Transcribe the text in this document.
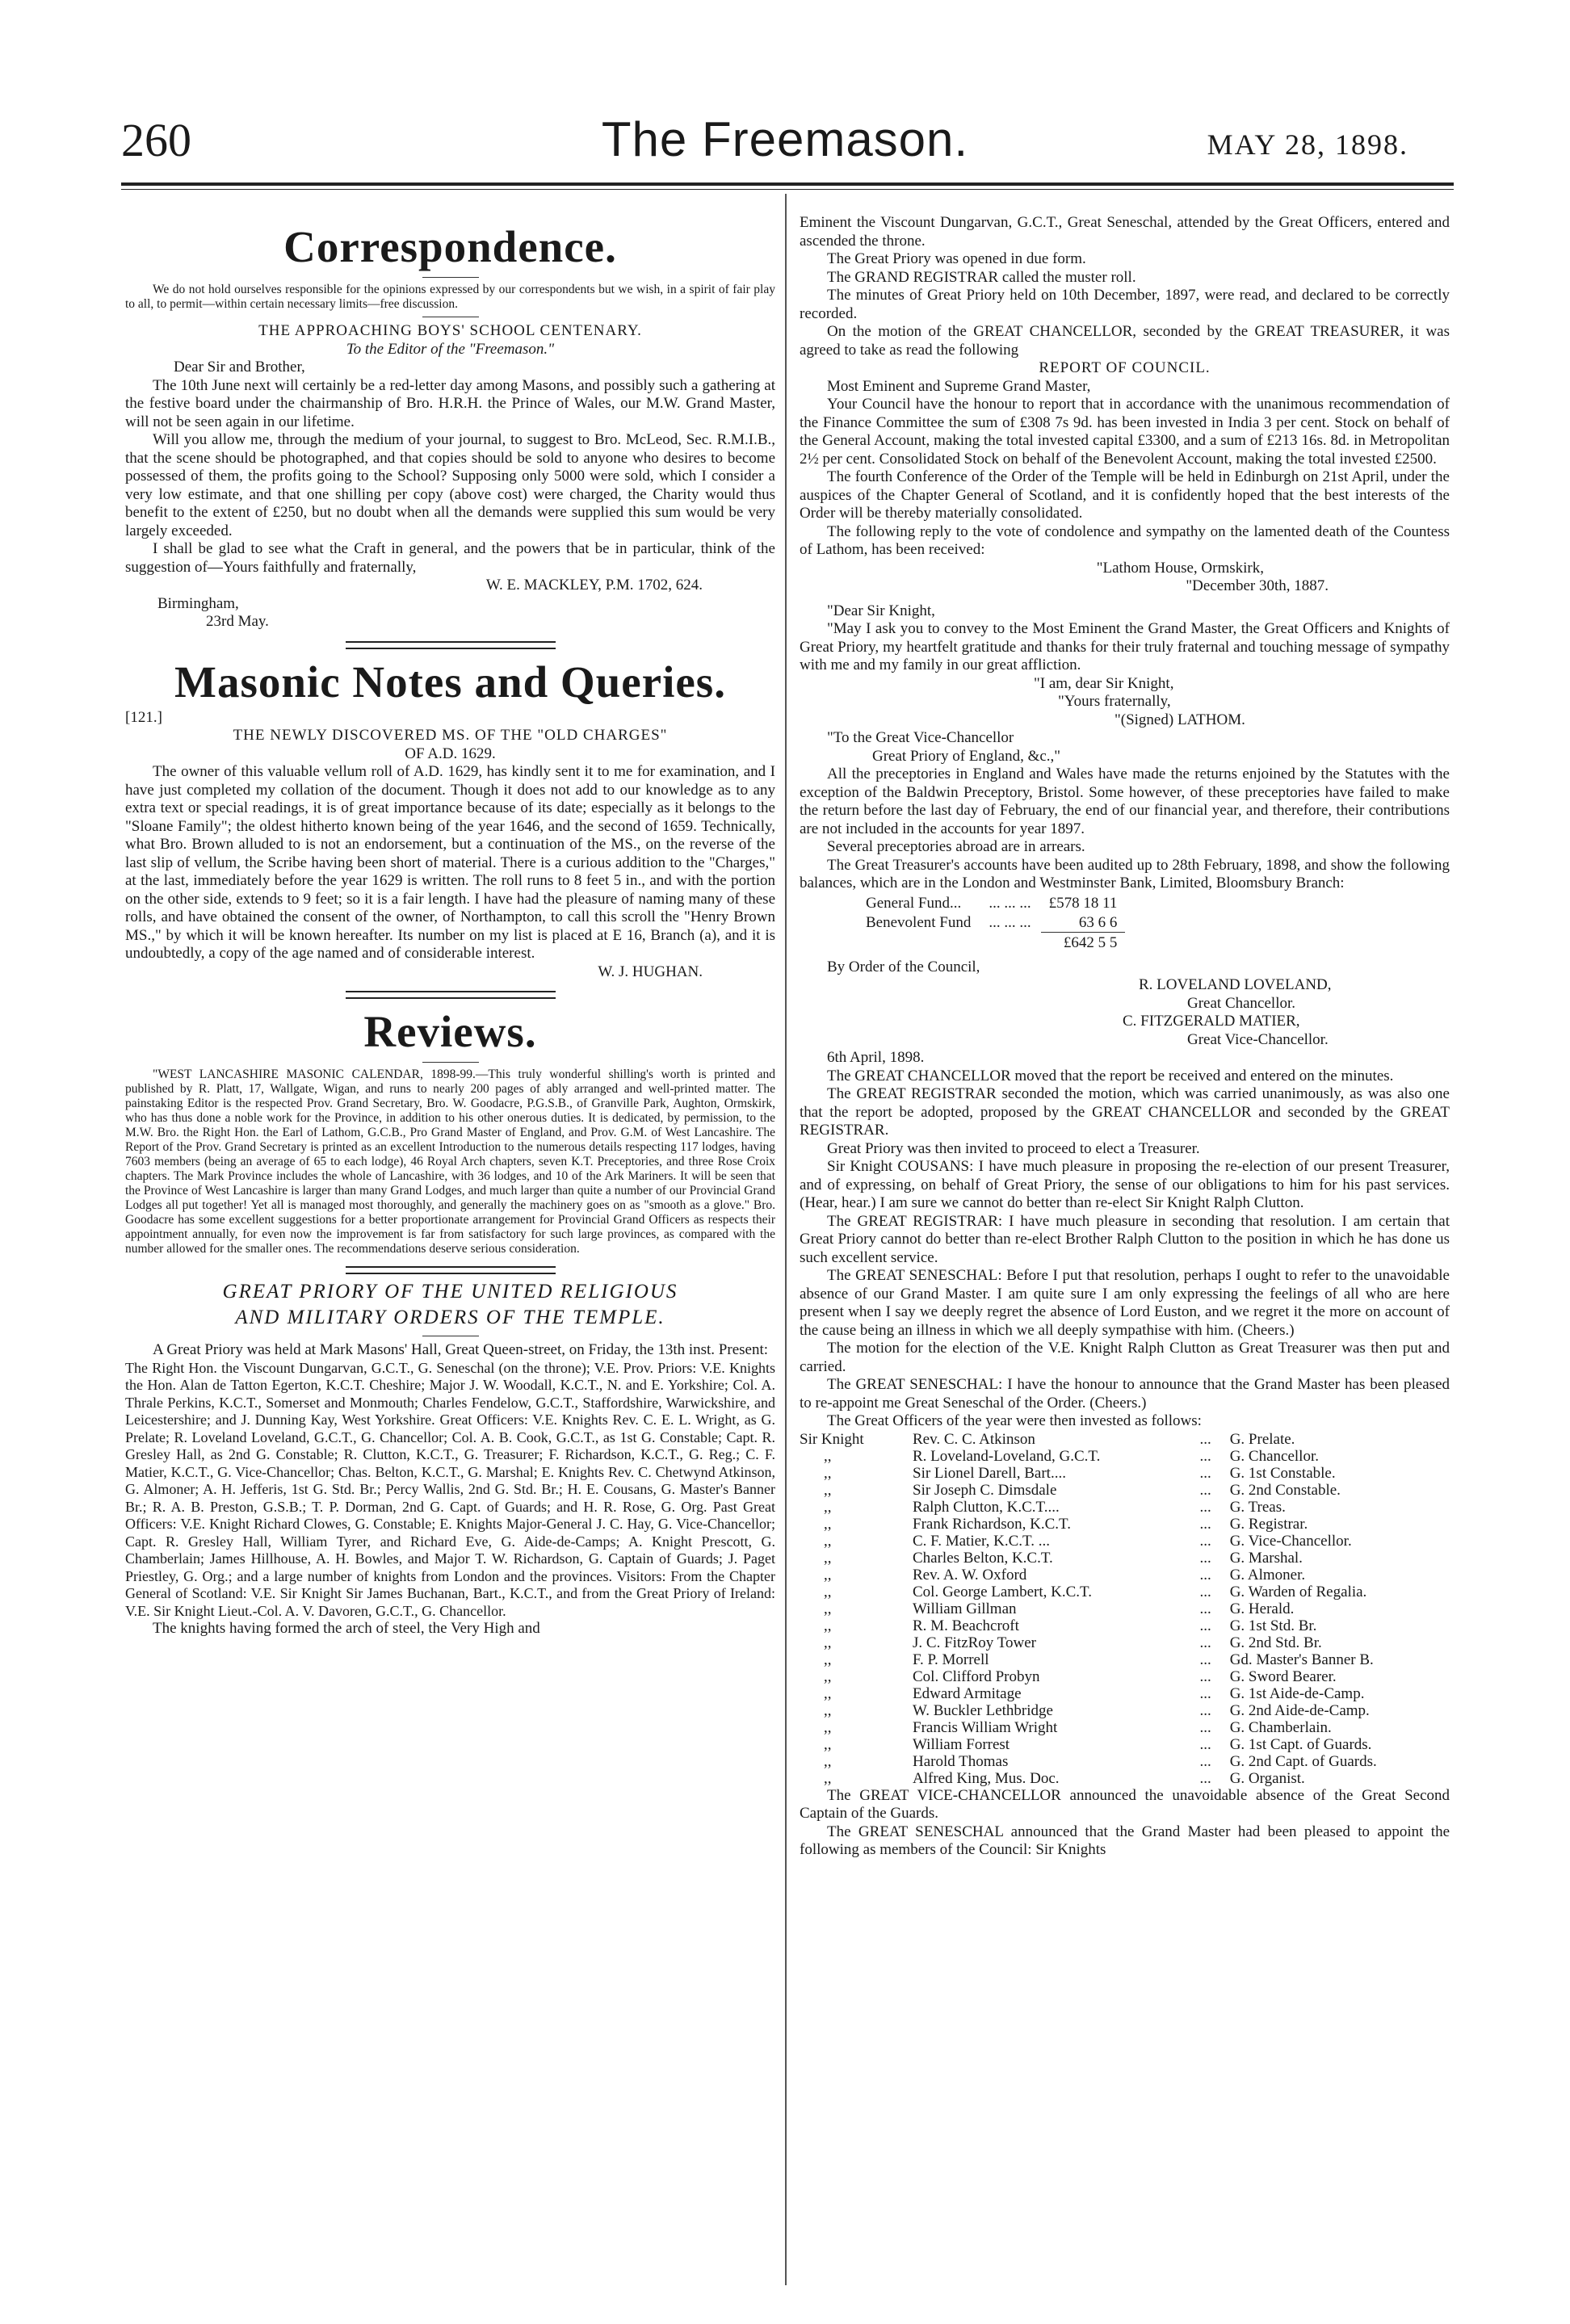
260	The Freemason.	MAY 28, 1898.
Correspondence.

We do not hold ourselves responsible for the opinions expressed by our correspondents but we wish, in a spirit of fair play to all, to permit—within certain necessary limits—free discussion.

THE APPROACHING BOYS' SCHOOL CENTENARY.

To the Editor of the "Freemason."

Dear Sir and Brother,

The 10th June next will certainly be a red-letter day among Masons, and possibly such a gathering at the festive board under the chairmanship of Bro. H.R.H. the Prince of Wales, our M.W. Grand Master, will not be seen again in our lifetime.

Will you allow me, through the medium of your journal, to suggest to Bro. McLeod, Sec. R.M.I.B., that the scene should be photographed, and that copies should be sold to anyone who desires to become possessed of them, the profits going to the School? Supposing only 5000 were sold, which I consider a very low estimate, and that one shilling per copy (above cost) were charged, the Charity would thus benefit to the extent of £250, but no doubt when all the demands were supplied this sum would be very largely exceeded.

I shall be glad to see what the Craft in general, and the powers that be in particular, think of the suggestion of—Yours faithfully and fraternally,

W. E. MACKLEY, P.M. 1702, 624.

Birmingham,

23rd May.

Masonic Notes and Queries.

[121.]

THE NEWLY DISCOVERED MS. OF THE "OLD CHARGES"

OF A.D. 1629.

The owner of this valuable vellum roll of A.D. 1629, has kindly sent it to me for examination, and I have just completed my collation of the document. Though it does not add to our knowledge as to any extra text or special readings, it is of great importance because of its date; especially as it belongs to the "Sloane Family"; the oldest hitherto known being of the year 1646, and the second of 1659. Technically, what Bro. Brown alluded to is not an endorsement, but a continuation of the MS., on the reverse of the last slip of vellum, the Scribe having been short of material. There is a curious addition to the "Charges," at the last, immediately before the year 1629 is written. The roll runs to 8 feet 5 in., and with the portion on the other side, extends to 9 feet; so it is a fair length. I have had the pleasure of naming many of these rolls, and have obtained the consent of the owner, of Northampton, to call this scroll the "Henry Brown MS.," by which it will be known hereafter. Its number on my list is placed at E 16, Branch (a), and it is undoubtedly, a copy of the age named and of considerable interest.

W. J. HUGHAN.

Reviews.

"WEST LANCASHIRE MASONIC CALENDAR, 1898-99.—This truly wonderful shilling's worth is printed and published by R. Platt, 17, Wallgate, Wigan, and runs to nearly 200 pages of ably arranged and well-printed matter. The painstaking Editor is the respected Prov. Grand Secretary, Bro. W. Goodacre, P.G.S.B., of Granville Park, Aughton, Ormskirk, who has thus done a noble work for the Province, in addition to his other onerous duties. It is dedicated, by permission, to the M.W. Bro. the Right Hon. the Earl of Lathom, G.C.B., Pro Grand Master of England, and Prov. G.M. of West Lancashire. The Report of the Prov. Grand Secretary is printed as an excellent Introduction to the numerous details respecting 117 lodges, having 7603 members (being an average of 65 to each lodge), 46 Royal Arch chapters, seven K.T. Preceptories, and three Rose Croix chapters. The Mark Province includes the whole of Lancashire, with 36 lodges, and 10 of the Ark Mariners. It will be seen that the Province of West Lancashire is larger than many Grand Lodges, and much larger than quite a number of our Provincial Grand Lodges all put together! Yet all is managed most thoroughly, and generally the machinery goes on as "smooth as a glove." Bro. Goodacre has some excellent suggestions for a better proportionate arrangement for Provincial Grand Officers as respects their appointment annually, for even now the improvement is far from satisfactory for such large provinces, as compared with the number allowed for the smaller ones. The recommendations deserve serious consideration.

GREAT PRIORY OF THE UNITED RELIGIOUS
AND MILITARY ORDERS OF THE TEMPLE.

A Great Priory was held at Mark Masons' Hall, Great Queen-street, on Friday, the 13th inst. Present:

The Right Hon. the Viscount Dungarvan, G.C.T., G. Seneschal (on the throne); V.E. Prov. Priors: V.E. Knights the Hon. Alan de Tatton Egerton, K.C.T. Cheshire; Major J. W. Woodall, K.C.T., N. and E. Yorkshire; Col. A. Thrale Perkins, K.C.T., Somerset and Monmouth; Charles Fendelow, G.C.T., Staffordshire, Warwickshire, and Leicestershire; and J. Dunning Kay, West Yorkshire. Great Officers: V.E. Knights Rev. C. E. L. Wright, as G. Prelate; R. Loveland Loveland, G.C.T., G. Chancellor; Col. A. B. Cook, G.C.T., as 1st G. Constable; Capt. R. Gresley Hall, as 2nd G. Constable; R. Clutton, K.C.T., G. Treasurer; F. Richardson, K.C.T., G. Reg.; C. F. Matier, K.C.T., G. Vice-Chancellor; Chas. Belton, K.C.T., G. Marshal; E. Knights Rev. C. Chetwynd Atkinson, G. Almoner; A. H. Jefferis, 1st G. Std. Br.; Percy Wallis, 2nd G. Std. Br.; H. E. Cousans, G. Master's Banner Br.; R. A. B. Preston, G.S.B.; T. P. Dorman, 2nd G. Capt. of Guards; and H. R. Rose, G. Org. Past Great Officers: V.E. Knight Richard Clowes, G. Constable; E. Knights Major-General J. C. Hay, G. Vice-Chancellor; Capt. R. Gresley Hall, William Tyrer, and Richard Eve, G. Aide-de-Camps; A. Knight Prescott, G. Chamberlain; James Hillhouse, A. H. Bowles, and Major T. W. Richardson, G. Captain of Guards; J. Paget Priestley, G. Org.; and a large number of knights from London and the provinces. Visitors: From the Chapter General of Scotland: V.E. Sir Knight Sir James Buchanan, Bart., K.C.T., and from the Great Priory of Ireland: V.E. Sir Knight Lieut.-Col. A. V. Davoren, G.C.T., G. Chancellor.

The knights having formed the arch of steel, the Very High and

Eminent the Viscount Dungarvan, G.C.T., Great Seneschal, attended by the Great Officers, entered and ascended the throne.

The Great Priory was opened in due form.

The GRAND REGISTRAR called the muster roll.

The minutes of Great Priory held on 10th December, 1897, were read, and declared to be correctly recorded.

On the motion of the GREAT CHANCELLOR, seconded by the GREAT TREASURER, it was agreed to take as read the following

REPORT OF COUNCIL.

Most Eminent and Supreme Grand Master,

Your Council have the honour to report that in accordance with the unanimous recommendation of the Finance Committee the sum of £308 7s 9d. has been invested in India 3 per cent. Stock on behalf of the General Account, making the total invested capital £3300, and a sum of £213 16s. 8d. in Metropolitan 2½ per cent. Consolidated Stock on behalf of the Benevolent Account, making the total invested £2500.

The fourth Conference of the Order of the Temple will be held in Edinburgh on 21st April, under the auspices of the Chapter General of Scotland, and it is confidently hoped that the best interests of the Order will be thereby materially consolidated.

The following reply to the vote of condolence and sympathy on the lamented death of the Countess of Lathom, has been received:

"Lathom House, Ormskirk,

"December 30th, 1887.

"Dear Sir Knight,

"May I ask you to convey to the Most Eminent the Grand Master, the Great Officers and Knights of Great Priory, my heartfelt gratitude and thanks for their truly fraternal and touching message of sympathy with me and my family in our great affliction.

"I am, dear Sir Knight,

"Yours fraternally,

"(Signed) LATHOM.

"To the Great Vice-Chancellor

Great Priory of England, &c.,"

All the preceptories in England and Wales have made the returns enjoined by the Statutes with the exception of the Baldwin Preceptory, Bristol. Some however, of these preceptories have failed to make the return before the last day of February, the end of our financial year, and therefore, their contributions are not included in the accounts for year 1897.

Several preceptories abroad are in arrears.

The Great Treasurer's accounts have been audited up to 28th February, 1898, and show the following balances, which are in the London and Westminster Bank, Limited, Bloomsbury Branch:

General Fund...	... ... ...	£578 18 11
Benevolent Fund	... ... ...	63 6 6
		£642 5 5

By Order of the Council,

R. LOVELAND LOVELAND,

Great Chancellor.

C. FITZGERALD MATIER,

Great Vice-Chancellor.

6th April, 1898.

The GREAT CHANCELLOR moved that the report be received and entered on the minutes.

The GREAT REGISTRAR seconded the motion, which was carried unanimously, as was also one that the report be adopted, proposed by the GREAT CHANCELLOR and seconded by the GREAT REGISTRAR.

Great Priory was then invited to proceed to elect a Treasurer.

Sir Knight COUSANS: I have much pleasure in proposing the re-election of our present Treasurer, and of expressing, on behalf of Great Priory, the sense of our obligations to him for his past services. (Hear, hear.) I am sure we cannot do better than re-elect Sir Knight Ralph Clutton.

The GREAT REGISTRAR: I have much pleasure in seconding that resolution. I am certain that Great Priory cannot do better than re-elect Brother Ralph Clutton to the position in which he has done us such excellent service.

The GREAT SENESCHAL: Before I put that resolution, perhaps I ought to refer to the unavoidable absence of our Grand Master. I am quite sure I am only expressing the feelings of all who are here present when I say we deeply regret the absence of Lord Euston, and we regret it the more on account of the cause being an illness in which we all deeply sympathise with him. (Cheers.)

The motion for the election of the V.E. Knight Ralph Clutton as Great Treasurer was then put and carried.

The GREAT SENESCHAL: I have the honour to announce that the Grand Master has been pleased to re-appoint me Great Seneschal of the Order. (Cheers.)

The Great Officers of the year were then invested as follows:

Sir Knight	Rev. C. C. Atkinson	...	G. Prelate.
,,	R. Loveland-Loveland, G.C.T.	...	G. Chancellor.
,,	Sir Lionel Darell, Bart....	...	G. 1st Constable.
,,	Sir Joseph C. Dimsdale	...	G. 2nd Constable.
,,	Ralph Clutton, K.C.T....	...	G. Treas.
,,	Frank Richardson, K.C.T.	...	G. Registrar.
,,	C. F. Matier, K.C.T. ...	...	G. Vice-Chancellor.
,,	Charles Belton, K.C.T.	...	G. Marshal.
,,	Rev. A. W. Oxford	...	G. Almoner.
,,	Col. George Lambert, K.C.T.	...	G. Warden of Regalia.
,,	William Gillman	...	G. Herald.
,,	R. M. Beachcroft	...	G. 1st Std. Br.
,,	J. C. FitzRoy Tower	...	G. 2nd Std. Br.
,,	F. P. Morrell	...	Gd. Master's Banner B.
,,	Col. Clifford Probyn	...	G. Sword Bearer.
,,	Edward Armitage	...	G. 1st Aide-de-Camp.
,,	W. Buckler Lethbridge	...	G. 2nd Aide-de-Camp.
,,	Francis William Wright	...	G. Chamberlain.
,,	William Forrest	...	G. 1st Capt. of Guards.
,,	Harold Thomas	...	G. 2nd Capt. of Guards.
,,	Alfred King, Mus. Doc.	...	G. Organist.

The GREAT VICE-CHANCELLOR announced the unavoidable absence of the Great Second Captain of the Guards.

The GREAT SENESCHAL announced that the Grand Master had been pleased to appoint the following as members of the Council: Sir Knights
